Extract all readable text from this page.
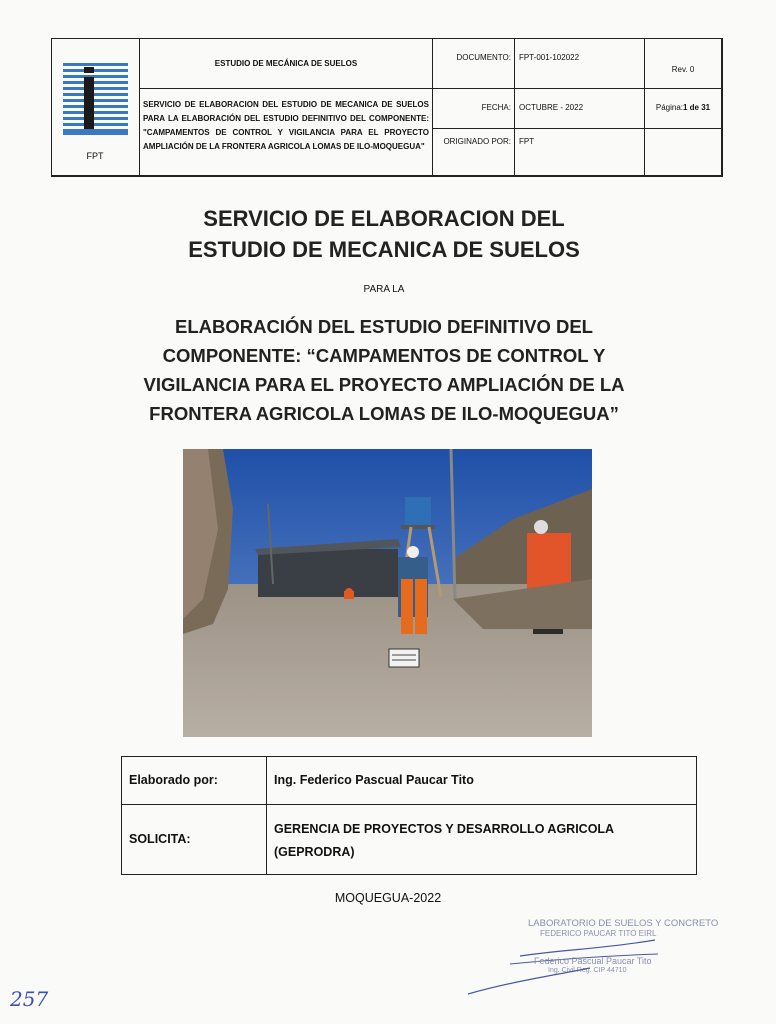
FPT
ESTUDIO DE MECÁNICA DE SUELOS
SERVICIO DE ELABORACION DEL ESTUDIO DE MECANICA DE SUELOS PARA LA ELABORACIÓN DEL ESTUDIO DEFINITIVO DEL COMPONENTE: "CAMPAMENTOS DE CONTROL Y VIGILANCIA PARA EL PROYECTO AMPLIACIÓN DE LA FRONTERA AGRICOLA LOMAS DE ILO-MOQUEGUA"
DOCUMENTO:	FPT-001-102022
Rev. 0
FECHA:	OCTUBRE - 2022	Página:1 de 31
ORIGINADO POR:	FPT
SERVICIO DE ELABORACION DEL
ESTUDIO DE MECANICA DE SUELOS
PARA LA
ELABORACIÓN DEL ESTUDIO DEFINITIVO DEL COMPONENTE: “CAMPAMENTOS DE CONTROL Y VIGILANCIA PARA EL PROYECTO AMPLIACIÓN DE LA FRONTERA AGRICOLA LOMAS DE ILO-MOQUEGUA”
Elaborado por:	Ing. Federico Pascual Paucar Tito
SOLICITA:
GERENCIA DE PROYECTOS Y DESARROLLO AGRICOLA
(GEPRODRA)
MOQUEGUA-2022
LABORATORIO DE SUELOS Y CONCRETO
FEDERICO PAUCAR TITO EIRL
Federico Pascual Paucar Tito
Ing. Civil Reg. CIP 44710
257
